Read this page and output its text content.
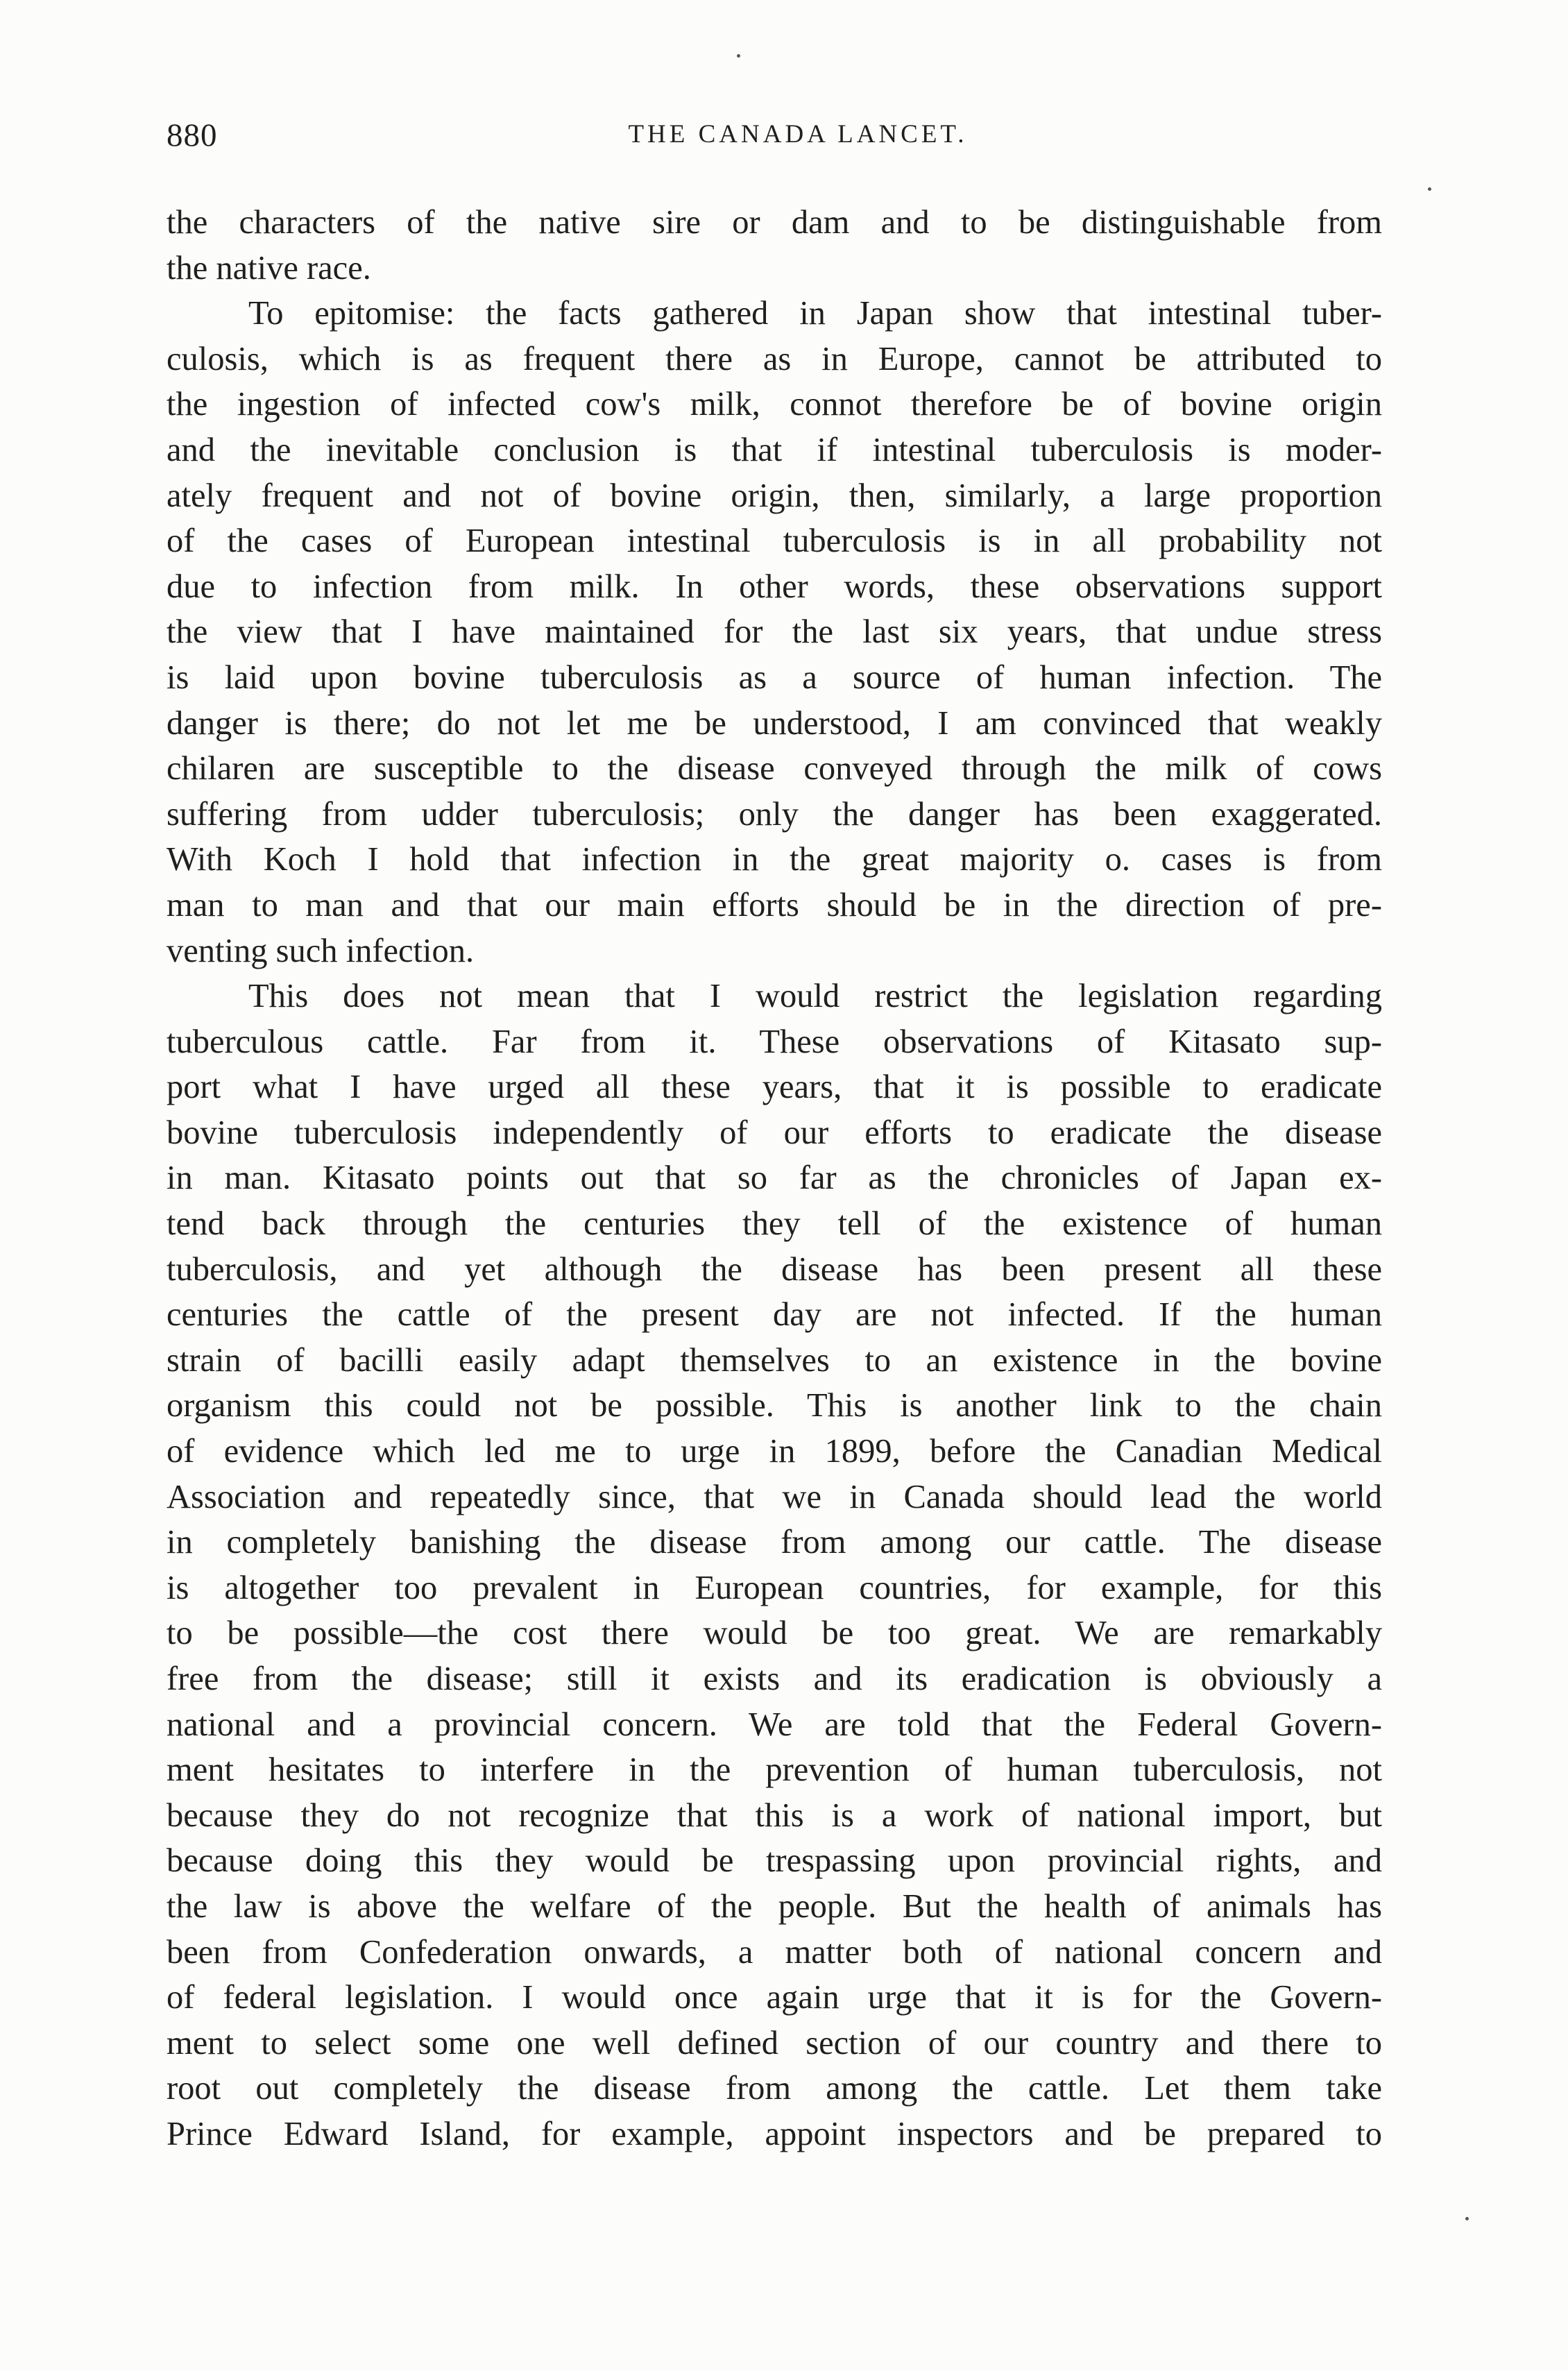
880	THE CANADA LANCET.
the characters of the native sire or dam and to be distinguishable from
the native race.
To epitomise: the facts gathered in Japan show that intestinal tuber-
culosis, which is as frequent there as in Europe, cannot be attributed to
the ingestion of infected cow's milk, connot therefore be of bovine origin
and the inevitable conclusion is that if intestinal tuberculosis is moder-
ately frequent and not of bovine origin, then, similarly, a large proportion
of the cases of European intestinal tuberculosis is in all probability not
due to infection from milk. In other words, these observations support
the view that I have maintained for the last six years, that undue stress
is laid upon bovine tuberculosis as a source of human infection. The
danger is there; do not let me be understood, I am convinced that weakly
chilaren are susceptible to the disease conveyed through the milk of cows
suffering from udder tuberculosis; only the danger has been exaggerated.
With Koch I hold that infection in the great majority o. cases is from
man to man and that our main efforts should be in the direction of pre-
venting such infection.
This does not mean that I would restrict the legislation regarding
tuberculous cattle. Far from it. These observations of Kitasato sup-
port what I have urged all these years, that it is possible to eradicate
bovine tuberculosis independently of our efforts to eradicate the disease
in man. Kitasato points out that so far as the chronicles of Japan ex-
tend back through the centuries they tell of the existence of human
tuberculosis, and yet although the disease has been present all these
centuries the cattle of the present day are not infected. If the human
strain of bacilli easily adapt themselves to an existence in the bovine
organism this could not be possible. This is another link to the chain
of evidence which led me to urge in 1899, before the Canadian Medical
Association and repeatedly since, that we in Canada should lead the world
in completely banishing the disease from among our cattle. The disease
is altogether too prevalent in European countries, for example, for this
to be possible—the cost there would be too great. We are remarkably
free from the disease; still it exists and its eradication is obviously a
national and a provincial concern. We are told that the Federal Govern-
ment hesitates to interfere in the prevention of human tuberculosis, not
because they do not recognize that this is a work of national import, but
because doing this they would be trespassing upon provincial rights, and
the law is above the welfare of the people. But the health of animals has
been from Confederation onwards, a matter both of national concern and
of federal legislation. I would once again urge that it is for the Govern-
ment to select some one well defined section of our country and there to
root out completely the disease from among the cattle. Let them take
Prince Edward Island, for example, appoint inspectors and be prepared to
